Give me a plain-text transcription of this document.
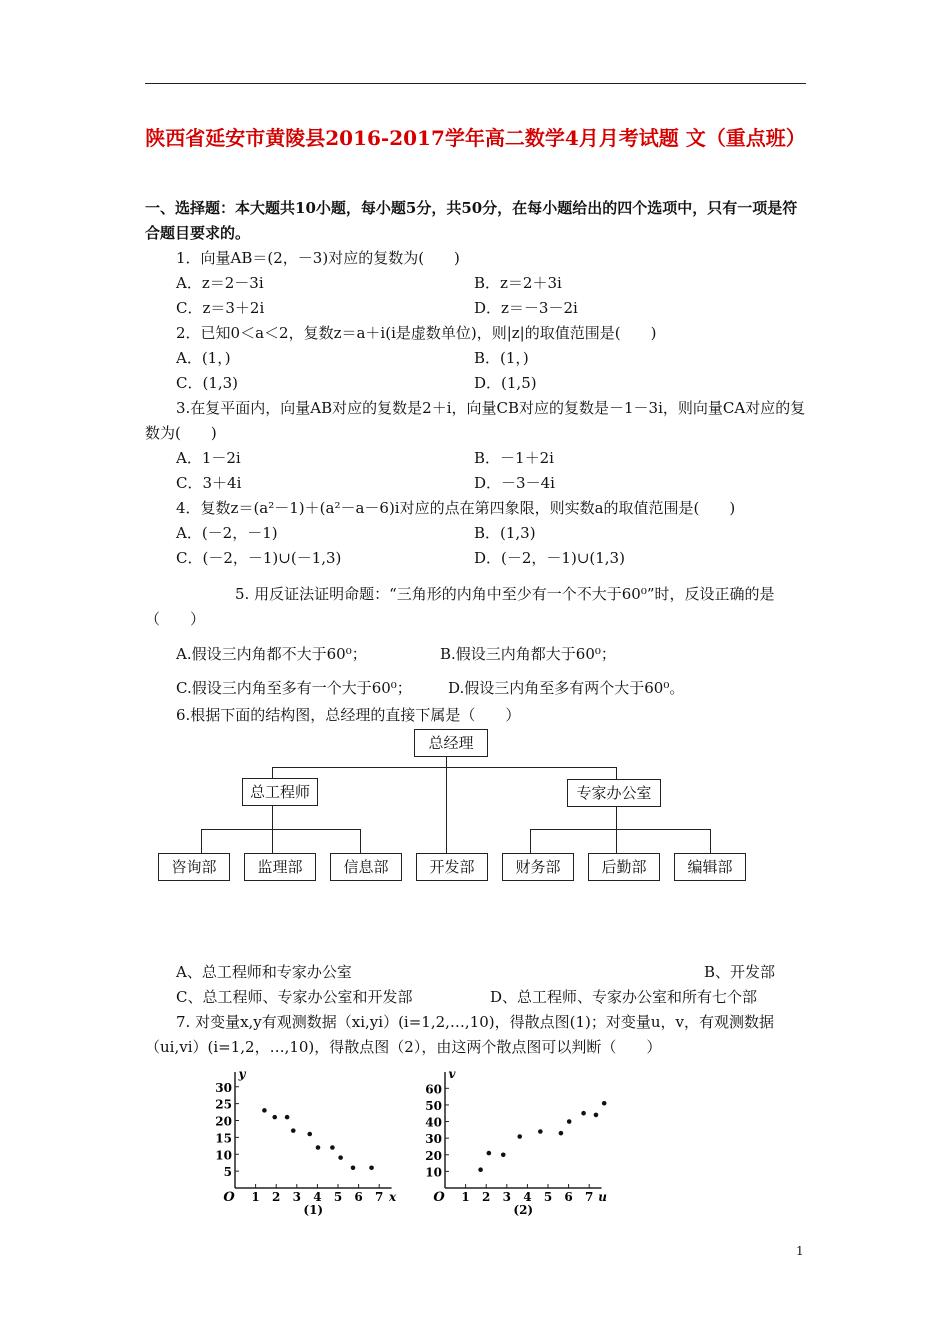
陕西省延安市黄陵县2016-2017学年高二数学4月月考试题 文（重点班）
一、选择题：本大题共10小题，每小题5分，共50分，在每小题给出的四个选项中，只有一项是符合题目要求的。
1．向量AB＝(2，－3)对应的复数为(　　)
A．z＝2－3i	B．z＝2＋3i
C．z＝3＋2i	D．z＝－3－2i
2．已知0＜a＜2，复数z＝a＋i(i是虚数单位)，则|z|的取值范围是(　　)
A．(1，)	B．(1，)
C．(1,3)	D．(1,5)
3.在复平面内，向量AB对应的复数是2＋i，向量CB对应的复数是－1－3i，则向量CA对应的复数为(　　)
A．1－2i	B．－1＋2i
C．3＋4i	D．－3－4i
4．复数z＝(a²－1)＋(a²－a－6)i对应的点在第四象限，则实数a的取值范围是(　　)
A．(－2，－1)	B．(1,3)
C．(－2，－1)∪(－1,3)	D．(－2，－1)∪(1,3)
5. 用反证法证明命题：“三角形的内角中至少有一个不大于60⁰”时，反设正确的是（　　）
A.假设三内角都不大于60⁰；	B.假设三内角都大于60⁰；
C.假设三内角至多有一个大于60⁰； D.假设三内角至多有两个大于60⁰。
6.根据下面的结构图，总经理的直接下属是（　　）
总经理
总工程师	专家办公室
咨询部	监理部	信息部	开发部	财务部	后勤部	编辑部
A、总工程师和专家办公室	B、开发部
C、总工程师、专家办公室和开发部	D、总工程师、专家办公室和所有七个部
7. 对变量x,y有观测数据（xi,yi）(i=1,2,…,10)，得散点图(1)；对变量u，v，有观测数据（ui,vi）(i=1,2，…,10)，得散点图（2），由这两个散点图可以判断（　　）
5
10
15
20
25
30
1 2 3 4 5 6 7
O	x
y
(1)
10
20
30
40
50
60
1 2 3 4 5 6 7
O	u
v
(2)
1
